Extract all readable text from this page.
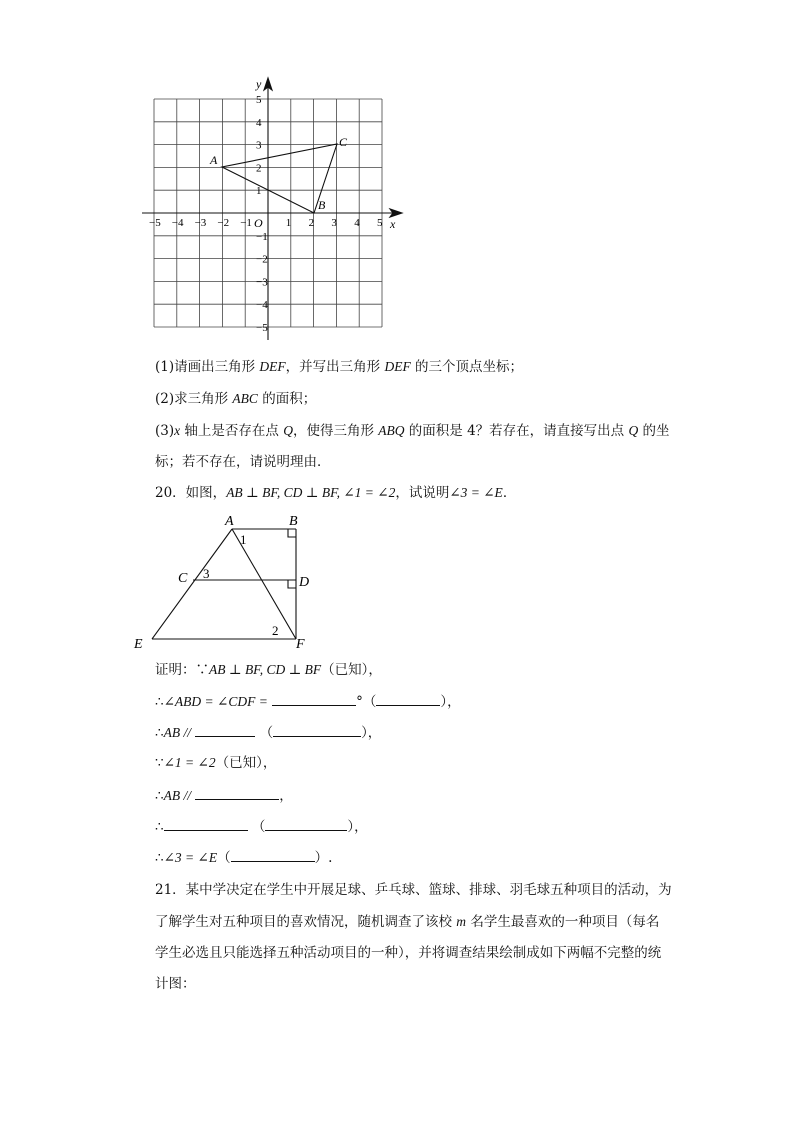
x
y
O
−5 −4 −3 −2 −1	1 2 3 4 5
5
4
3
2
1
−1
−2
−3
−4
−5
A
B
C
(1)请画出三角形 DEF，并写出三角形 DEF 的三个顶点坐标；
(2)求三角形 ABC 的面积；
(3)x 轴上是否存在点 Q，使得三角形 ABQ 的面积是 4？若存在，请直接写出点 Q 的坐
标；若不存在，请说明理由．
20．如图，AB ⊥ BF, CD ⊥ BF, ∠1 = ∠2，试说明∠3 = ∠E．
A	B
C	D
E	F
1
2
3
证明：∵AB ⊥ BF, CD ⊥ BF（已知），
∴∠ABD = ∠CDF =	°（	），
∴AB //	（	），
∵∠1 = ∠2（已知），
∴AB //	，
∴	（	），
∴∠3 = ∠E（	）.
21．某中学决定在学生中开展足球、乒乓球、篮球、排球、羽毛球五种项目的活动，为
了解学生对五种项目的喜欢情况，随机调查了该校 m 名学生最喜欢的一种项目（每名
学生必选且只能选择五种活动项目的一种），并将调查结果绘制成如下两幅不完整的统
计图：
